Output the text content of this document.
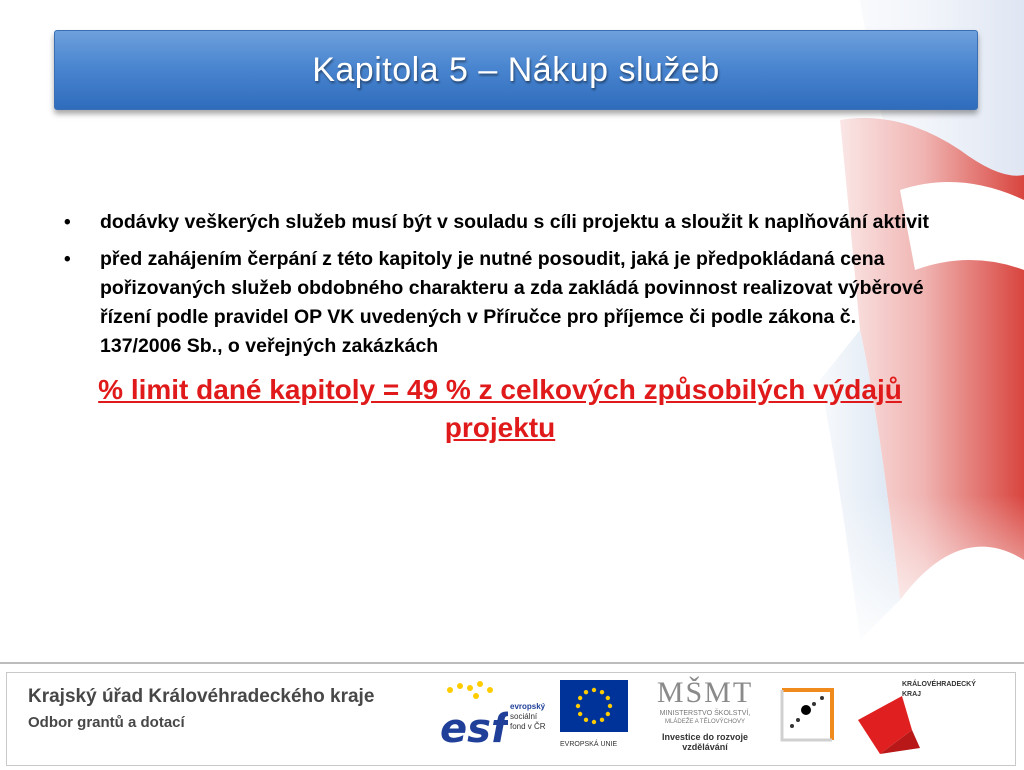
Kapitola 5 – Nákup služeb
• dodávky veškerých služeb musí být v souladu s cíli projektu a sloužit k naplňování aktivit
• před zahájením čerpání z této kapitoly je nutné posoudit, jaká je předpokládaná cena pořizovaných služeb obdobného charakteru a zda zakládá povinnost realizovat výběrové řízení podle pravidel OP VK uvedených v Příručce pro příjemce či podle zákona č. 137/2006 Sb., o veřejných zakázkách
% limit dané kapitoly = 49 % z celkových způsobilých výdajů projektu
Krajský úřad Královéhradeckého kraje
Odbor grantů a dotací	esf evropský
sociální
fond v ČR
EVROPSKÁ UNIE
MŠMT
MINISTERSTVO ŠKOLSTVÍ,
MLÁDEŽE A TĚLOVÝCHOVY
Investice do rozvoje vzdělávání
KRÁLOVÉHRADECKÝ
KRAJ
